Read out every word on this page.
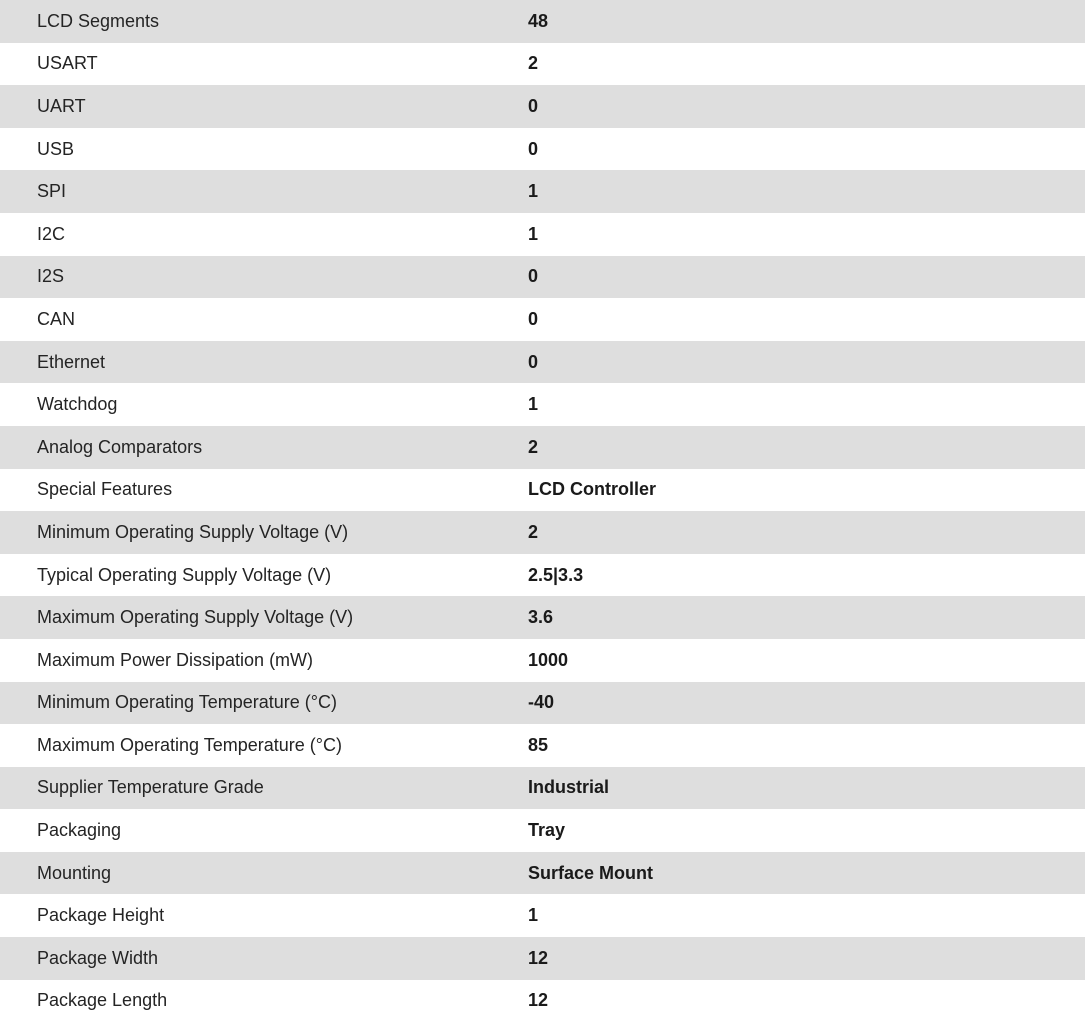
LCD Segments	48
USART	2
UART	0
USB	0
SPI	1
I2C	1
I2S	0
CAN	0
Ethernet	0
Watchdog	1
Analog Comparators	2
Special Features	LCD Controller
Minimum Operating Supply Voltage (V)	2
Typical Operating Supply Voltage (V)	2.5|3.3
Maximum Operating Supply Voltage (V)	3.6
Maximum Power Dissipation (mW)	1000
Minimum Operating Temperature (°C)	-40
Maximum Operating Temperature (°C)	85
Supplier Temperature Grade	Industrial
Packaging	Tray
Mounting	Surface Mount
Package Height	1
Package Width	12
Package Length	12
